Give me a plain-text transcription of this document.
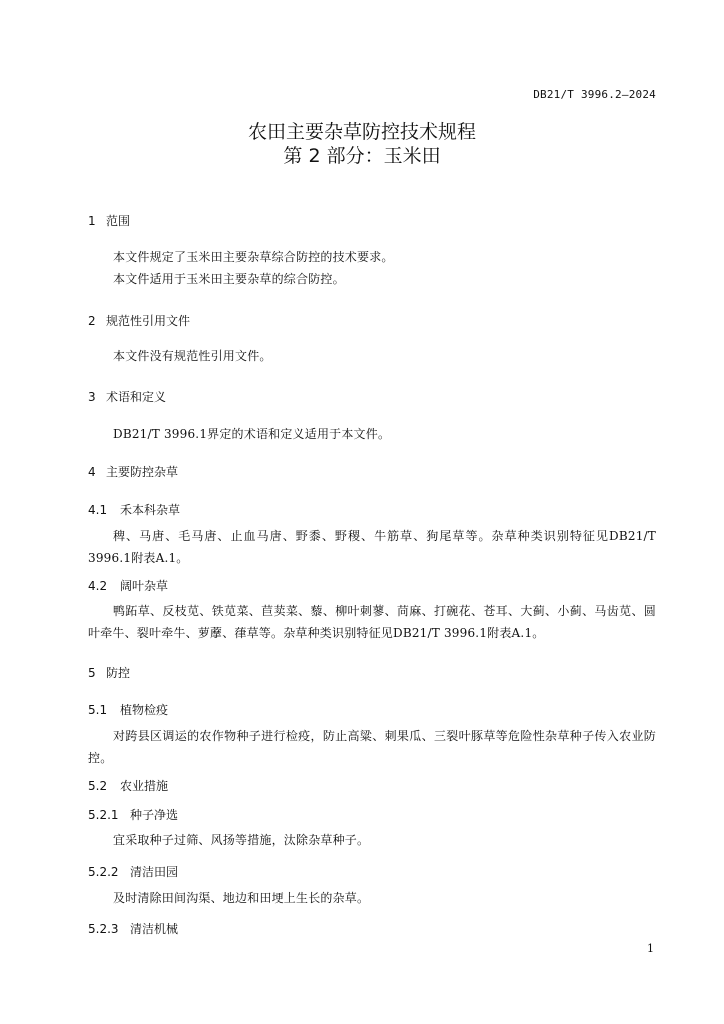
DB21/T 3996.2—2024
农田主要杂草防控技术规程
第 2 部分：玉米田
1 范围
本文件规定了玉米田主要杂草综合防控的技术要求。
本文件适用于玉米田主要杂草的综合防控。
2 规范性引用文件
本文件没有规范性引用文件。
3 术语和定义
DB21/T 3996.1界定的术语和定义适用于本文件。
4 主要防控杂草
4.1 禾本科杂草
稗、马唐、毛马唐、止血马唐、野黍、野稷、牛筋草、狗尾草等。杂草种类识别特征见DB21/T 3996.1附表A.1。
4.2 阔叶杂草
鸭跖草、反枝苋、铁苋菜、苣荬菜、藜、柳叶刺蓼、苘麻、打碗花、苍耳、大蓟、小蓟、马齿苋、圆叶牵牛、裂叶牵牛、萝藦、葎草等。杂草种类识别特征见DB21/T 3996.1附表A.1。
5 防控
5.1 植物检疫
对跨县区调运的农作物种子进行检疫，防止高粱、刺果瓜、三裂叶豚草等危险性杂草种子传入农业防控。
5.2 农业措施
5.2.1 种子净选
宜采取种子过筛、风扬等措施，汰除杂草种子。
5.2.2 清洁田园
及时清除田间沟渠、地边和田埂上生长的杂草。
5.2.3 清洁机械
1
